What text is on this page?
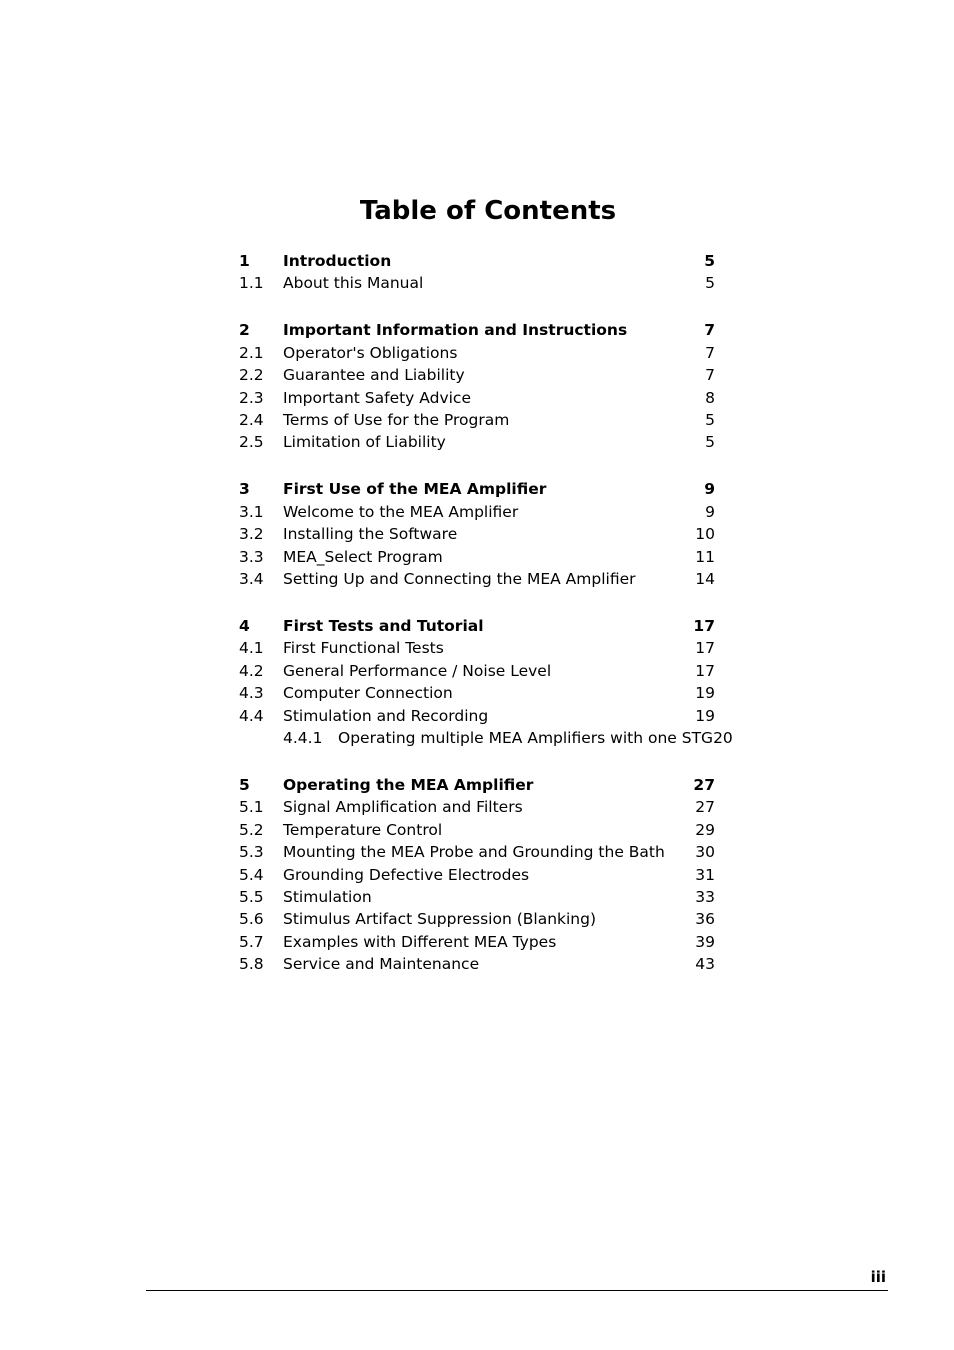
Table of Contents
1 Introduction	5
1.1 About this Manual	5
2 Important Information and Instructions	7
2.1 Operator's Obligations	7
2.2 Guarantee and Liability	7
2.3 Important Safety Advice	8
2.4 Terms of Use for the Program	5
2.5 Limitation of Liability	5
3 First Use of the MEA Amplifier	9
3.1 Welcome to the MEA Amplifier	9
3.2 Installing the Software	10
3.3 MEA_Select Program	11
3.4 Setting Up and Connecting the MEA Amplifier	14
4 First Tests and Tutorial	17
4.1 First Functional Tests	17
4.2 General Performance / Noise Level	17
4.3 Computer Connection	19
4.4 Stimulation and Recording	19
4.4.1 Operating multiple MEA Amplifiers with one STG20
5 Operating the MEA Amplifier	27
5.1 Signal Amplification and Filters	27
5.2 Temperature Control	29
5.3 Mounting the MEA Probe and Grounding the Bath 30
5.4 Grounding Defective Electrodes	31
5.5 Stimulation	33
5.6 Stimulus Artifact Suppression (Blanking)	36
5.7 Examples with Different MEA Types	39
5.8 Service and Maintenance	43
iii
